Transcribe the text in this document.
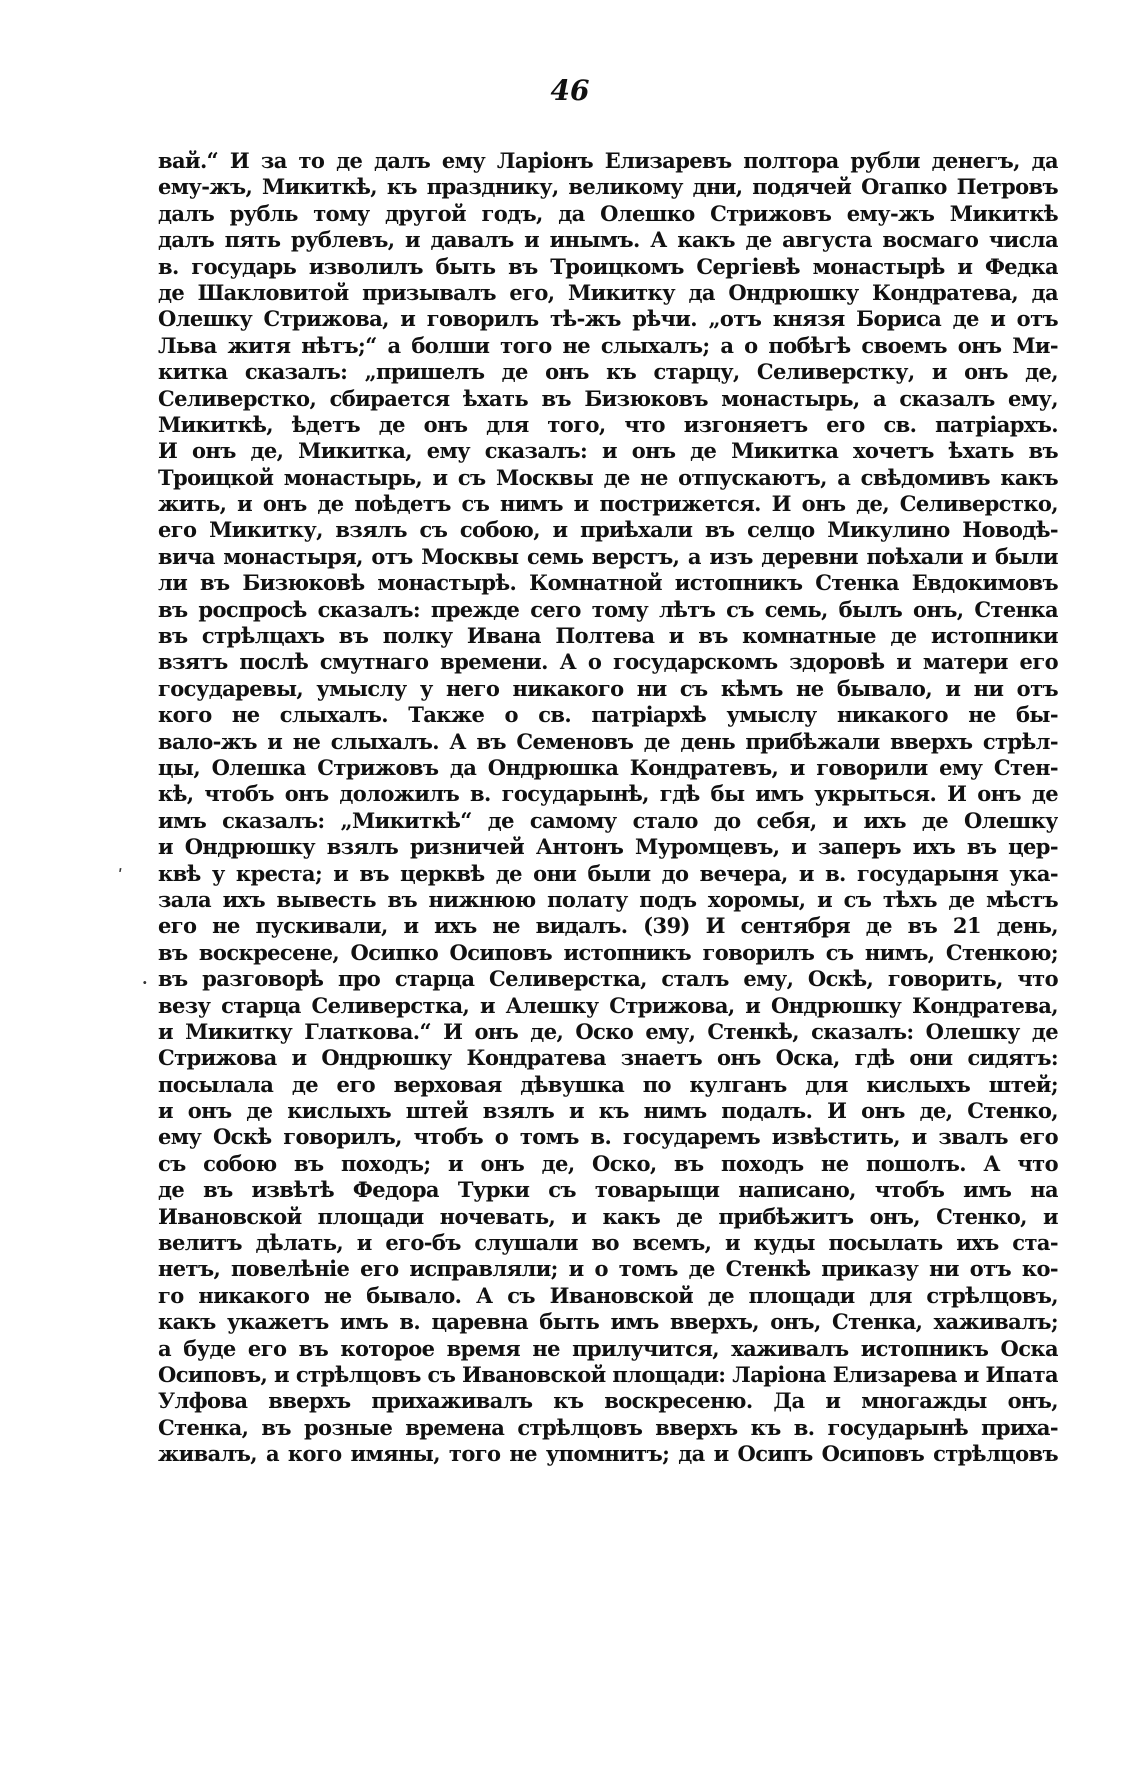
46
ʹ
·
вай.“ И за то де далъ ему Ларіонъ Елизаревъ полтора рубли денегъ, да
ему-жъ, Микиткѣ, къ празднику, великому дни, подячей Огапко Петровъ
далъ рубль тому другой годъ, да Олешко Стрижовъ ему-жъ Микиткѣ
далъ пять рублевъ, и давалъ и инымъ. А какъ де августа восмаго числа
в. государь изволилъ быть въ Троицкомъ Сергіевѣ монастырѣ и Федка
де Шакловитой призывалъ его, Микитку да Ондрюшку Кондратева, да
Олешку Стрижова, и говорилъ тѣ-жъ рѣчи. „отъ князя Бориса де и отъ
Льва житя нѣтъ;“ а болши того не слыхалъ; а о побѣгѣ своемъ онъ Ми-
китка сказалъ: „пришелъ де онъ къ старцу, Селиверстку, и онъ де,
Селиверстко, сбирается ѣхать въ Бизюковъ монастырь, а сказалъ ему,
Микиткѣ, ѣдетъ де онъ для того, что изгоняетъ его св. патріархъ.
И онъ де, Микитка, ему сказалъ: и онъ де Микитка хочетъ ѣхать въ
Троицкой монастырь, и съ Москвы де не отпускаютъ, а свѣдомивъ какъ
жить, и онъ де поѣдетъ съ нимъ и пострижется. И онъ де, Селиверстко,
его Микитку, взялъ съ собою, и приѣхали въ селцо Микулино Новодѣ-
вича монастыря, отъ Москвы семь верстъ, а изъ деревни поѣхали и были
ли въ Бизюковѣ монастырѣ. Комнатной истопникъ Стенка Евдокимовъ
въ роспросѣ сказалъ: прежде сего тому лѣтъ съ семь, былъ онъ, Стенка
въ стрѣлцахъ въ полку Ивана Полтева и въ комнатные де истопники
взятъ послѣ смутнаго времени. А о государскомъ здоровѣ и матери его
государевы, умыслу у него никакого ни съ кѣмъ не бывало, и ни отъ
кого не слыхалъ. Также о св. патріархѣ умыслу никакого не бы-
вало-жъ и не слыхалъ. А въ Семеновъ де день прибѣжали вверхъ стрѣл-
цы, Олешка Стрижовъ да Ондрюшка Кондратевъ, и говорили ему Стен-
кѣ, чтобъ онъ доложилъ в. государынѣ, гдѣ бы имъ укрыться. И онъ де
имъ сказалъ: „Микиткѣ“ де самому стало до себя, и ихъ де Олешку
и Ондрюшку взялъ ризничей Антонъ Муромцевъ, и заперъ ихъ въ цер-
квѣ у креста; и въ церквѣ де они были до вечера, и в. государыня ука-
зала ихъ вывесть въ нижнюю полату подъ хоромы, и съ тѣхъ де мѣстъ
его не пускивали, и ихъ не видалъ. (39) И сентября де въ 21 день,
въ воскресене, Осипко Осиповъ истопникъ говорилъ съ нимъ, Стенкою;
въ разговорѣ про старца Селиверстка, сталъ ему, Оскѣ, говорить, что
везу старца Селиверстка, и Алешку Стрижова, и Ондрюшку Кондратева,
и Микитку Глаткова.“ И онъ де, Оско ему, Стенкѣ, сказалъ: Олешку де
Стрижова и Ондрюшку Кондратева знаетъ онъ Оска, гдѣ они сидятъ:
посылала де его верховая дѣвушка по кулганъ для кислыхъ штей;
и онъ де кислыхъ штей взялъ и къ нимъ подалъ. И онъ де, Стенко,
ему Оскѣ говорилъ, чтобъ о томъ в. государемъ извѣстить, и звалъ его
съ собою въ походъ; и онъ де, Оско, въ походъ не пошолъ. А что
де въ извѣтѣ Федора Турки съ товарыщи написано, чтобъ имъ на
Ивановской площади ночевать, и какъ де прибѣжитъ онъ, Стенко, и
велитъ дѣлать, и его-бъ слушали во всемъ, и куды посылать ихъ ста-
нетъ, повелѣніе его исправляли; и о томъ де Стенкѣ приказу ни отъ ко-
го никакого не бывало. А съ Ивановской де площади для стрѣлцовъ,
какъ укажетъ имъ в. царевна быть имъ вверхъ, онъ, Стенка, хаживалъ;
а буде его въ которое время не прилучится, хаживалъ истопникъ Оска
Осиповъ, и стрѣлцовъ съ Ивановской площади: Ларіона Елизарева и Ипата
Улфова вверхъ прихаживалъ къ воскресеню. Да и многажды онъ,
Стенка, въ розные времена стрѣлцовъ вверхъ къ в. государынѣ прихa-
живалъ, а кого имяны, того не упомнитъ; да и Осипъ Осиповъ стрѣлцовъ
